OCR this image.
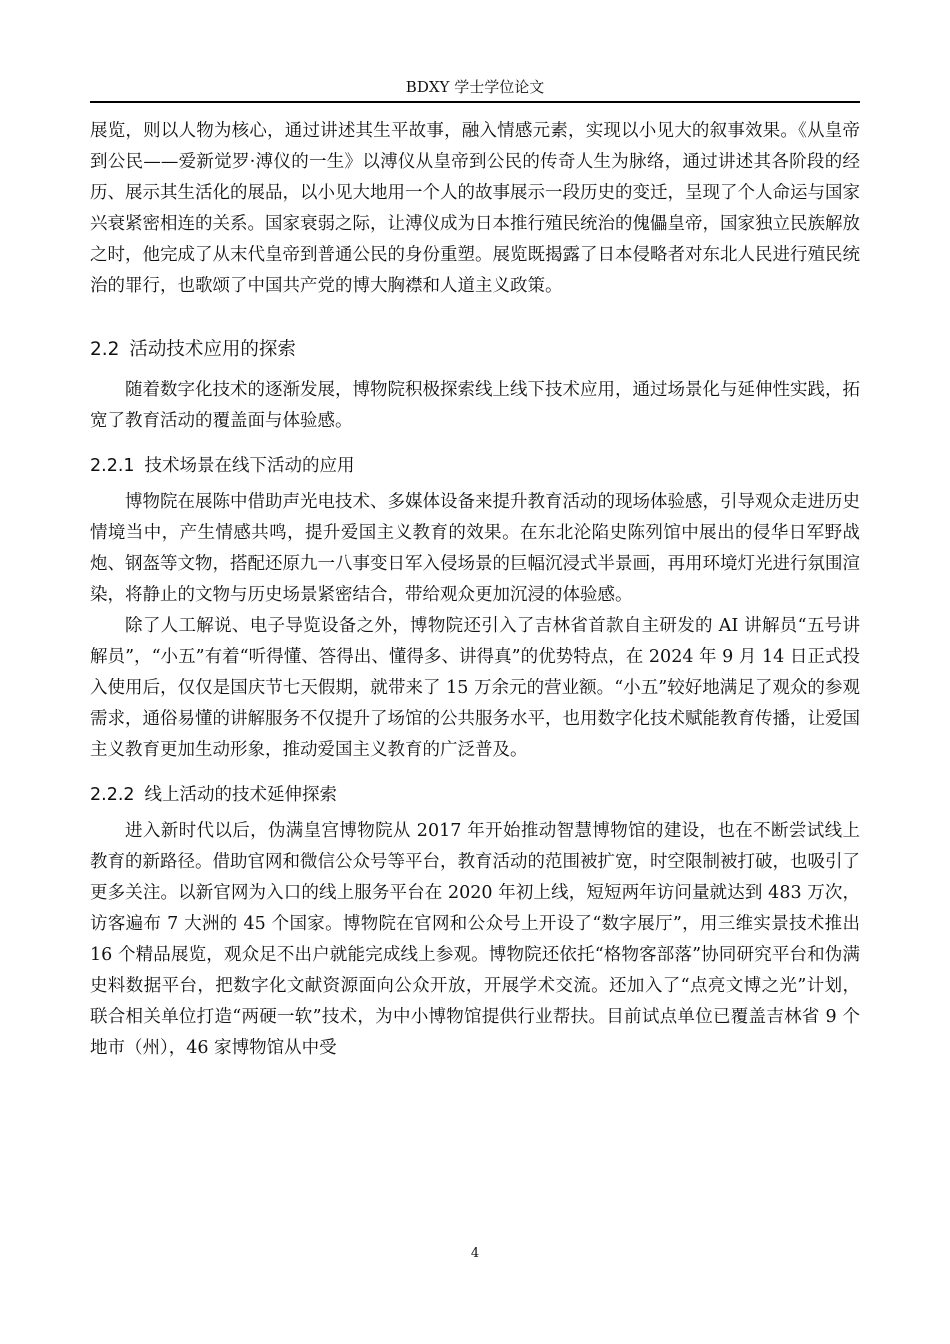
BDXY 学士学位论文

展览，则以人物为核心，通过讲述其生平故事，融入情感元素，实现以小见大的叙事效果。《从皇帝到公民——爱新觉罗·溥仪的一生》以溥仪从皇帝到公民的传奇人生为脉络，通过讲述其各阶段的经历、展示其生活化的展品，以小见大地用一个人的故事展示一段历史的变迁，呈现了个人命运与国家兴衰紧密相连的关系。国家衰弱之际，让溥仪成为日本推行殖民统治的傀儡皇帝，国家独立民族解放之时，他完成了从末代皇帝到普通公民的身份重塑。展览既揭露了日本侵略者对东北人民进行殖民统治的罪行，也歌颂了中国共产党的博大胸襟和人道主义政策。

2.2 活动技术应用的探索

随着数字化技术的逐渐发展，博物院积极探索线上线下技术应用，通过场景化与延伸性实践，拓宽了教育活动的覆盖面与体验感。

2.2.1 技术场景在线下活动的应用

博物院在展陈中借助声光电技术、多媒体设备来提升教育活动的现场体验感，引导观众走进历史情境当中，产生情感共鸣，提升爱国主义教育的效果。在东北沦陷史陈列馆中展出的侵华日军野战炮、钢盔等文物，搭配还原九一八事变日军入侵场景的巨幅沉浸式半景画，再用环境灯光进行氛围渲染，将静止的文物与历史场景紧密结合，带给观众更加沉浸的体验感。

除了人工解说、电子导览设备之外，博物院还引入了吉林省首款自主研发的 AI 讲解员“五号讲解员”，“小五”有着“听得懂、答得出、懂得多、讲得真”的优势特点，在 2024 年 9 月 14 日正式投入使用后，仅仅是国庆节七天假期，就带来了 15 万余元的营业额。“小五”较好地满足了观众的参观需求，通俗易懂的讲解服务不仅提升了场馆的公共服务水平，也用数字化技术赋能教育传播，让爱国主义教育更加生动形象，推动爱国主义教育的广泛普及。

2.2.2 线上活动的技术延伸探索

进入新时代以后，伪满皇宫博物院从 2017 年开始推动智慧博物馆的建设，也在不断尝试线上教育的新路径。借助官网和微信公众号等平台，教育活动的范围被扩宽，时空限制被打破，也吸引了更多关注。以新官网为入口的线上服务平台在 2020 年初上线，短短两年访问量就达到 483 万次，访客遍布 7 大洲的 45 个国家。博物院在官网和公众号上开设了“数字展厅”，用三维实景技术推出 16 个精品展览，观众足不出户就能完成线上参观。博物院还依托“格物客部落”协同研究平台和伪满史料数据平台，把数字化文献资源面向公众开放，开展学术交流。还加入了“点亮文博之光”计划，联合相关单位打造“两硬一软”技术，为中小博物馆提供行业帮扶。目前试点单位已覆盖吉林省 9 个地市（州），46 家博物馆从中受

4
